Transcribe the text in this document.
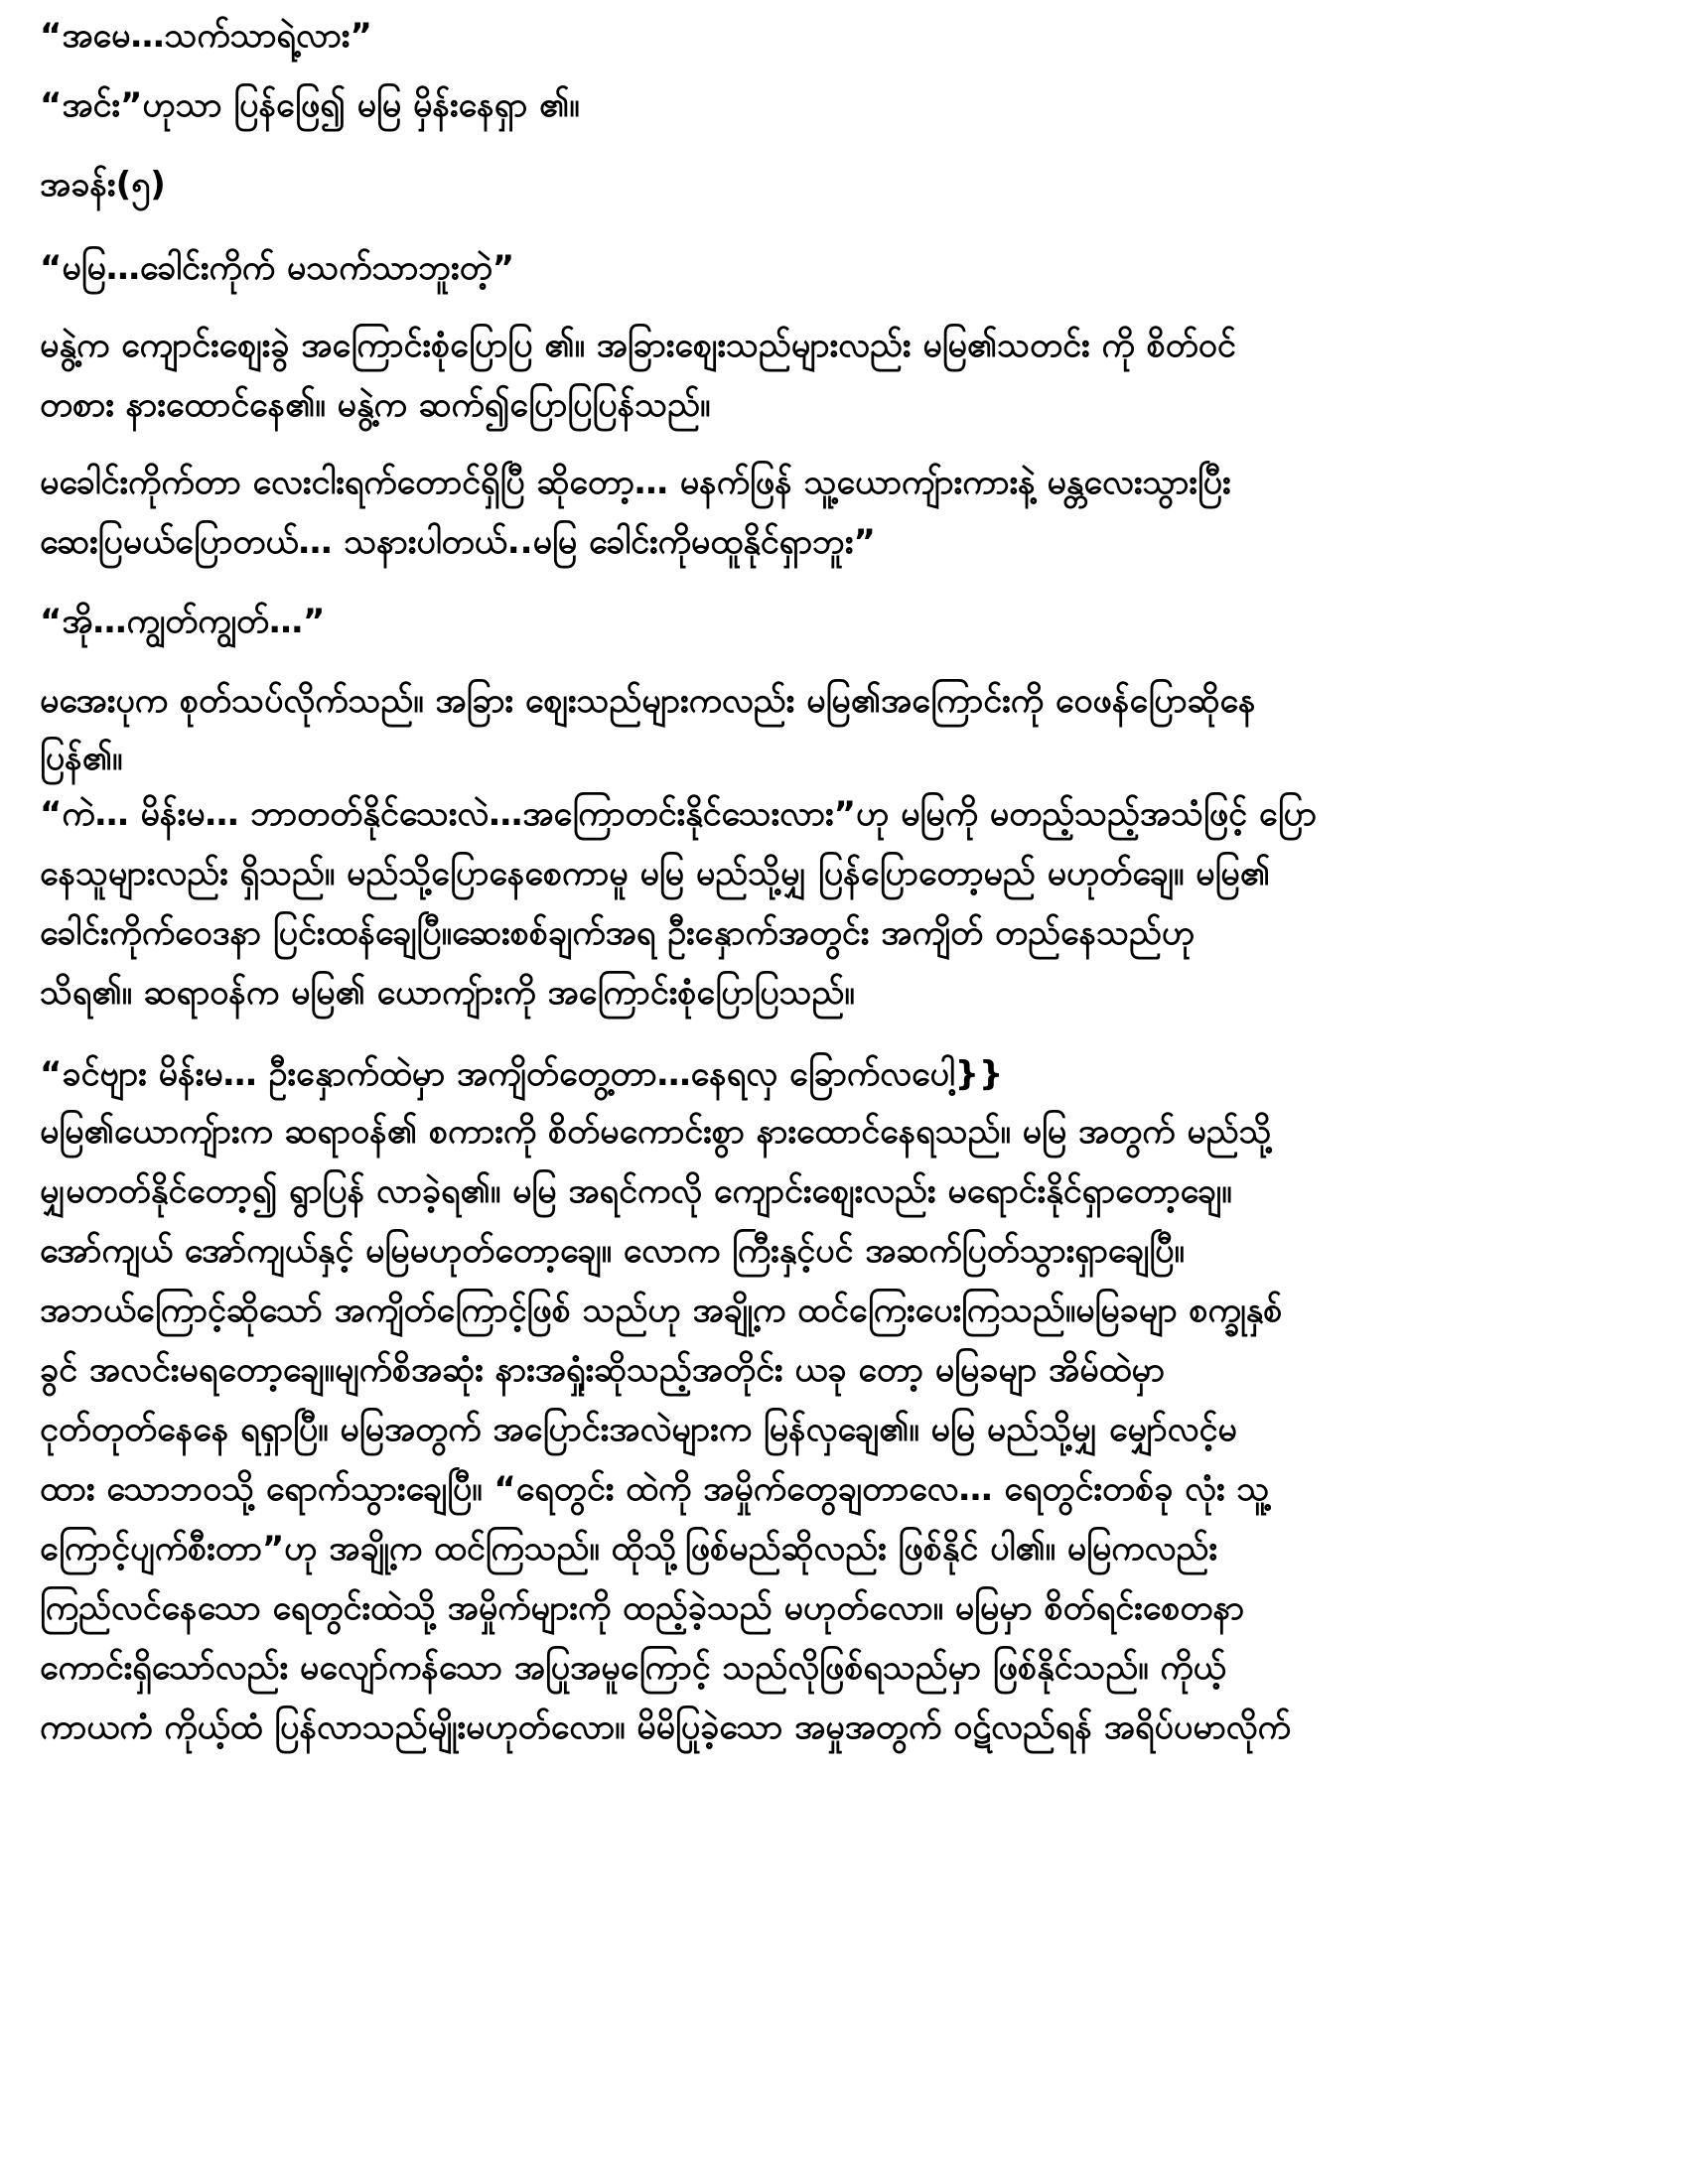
“အမေ…သက်သာရဲ့လား”
“အင်း”ဟုသာ ပြန်ဖြေ၍ မမြ မှိန်းနေရှာ ၏။
အခန်း(၅)
“မမြ…ခေါင်းကိုက် မသက်သာဘူးတဲ့”
မနွဲ့က ကျောင်းစျေးခွဲ အကြောင်းစုံပြောပြ ၏။ အခြားစျေးသည်များလည်း မမြ၏သတင်း ကို စိတ်ဝင်
တစား နားထောင်နေ၏။ မနွဲ့က ဆက်၍ပြောပြပြန်သည်။
မခေါင်းကိုက်တာ လေးငါးရက်တောင်ရှိပြီ ဆိုတော့… မနက်ဖြန် သူ့ယောကျ်ားကားနဲ့ မန္တလေးသွားပြီး
ဆေးပြမယ်ပြောတယ်… သနားပါတယ်..မမြ ခေါင်းကိုမထူနိုင်ရှာဘူး”
“အို…ကျွတ်ကျွတ်…”
မအေးပုက စုတ်သပ်လိုက်သည်။ အခြား စျေးသည်များကလည်း မမြ၏အကြောင်းကို ဝေဖန်ပြောဆိုနေ
ပြန်၏။
“ကဲ… မိန်းမ… ဘာတတ်နိုင်သေးလဲ…အကြောတင်းနိုင်သေးလား”ဟု မမြကို မတည့်သည့်အသံဖြင့် ပြော
နေသူများလည်း ရှိသည်။ မည်သို့ပြောနေစေကာမူ မမြ မည်သို့မျှ ပြန်ပြောတော့မည် မဟုတ်ချေ။ မမြ၏
ခေါင်းကိုက်ဝေဒနာ ပြင်းထန်ချေပြီ။ဆေးစစ်ချက်အရ ဦးနှောက်အတွင်း အကျိတ် တည်နေသည်ဟု
သိရ၏။ ဆရာဝန်က မမြ၏ ယောကျ်ားကို အကြောင်းစုံပြောပြသည်။
“ခင်ဗျား မိန်းမ… ဦးနှောက်ထဲမှာ အကျိတ်တွေ့တာ…နေရလှ ခြောက်လပေါ့}}
မမြ၏ယောကျ်ားက ဆရာဝန်၏ စကားကို စိတ်မကောင်းစွာ နားထောင်နေရသည်။ မမြ အတွက် မည်သို့
မျှမတတ်နိုင်တော့၍ ရွာပြန် လာခဲ့ရ၏။ မမြ အရင်ကလို ကျောင်းစျေးလည်း မရောင်းနိုင်ရှာတော့ချေ။
အော်ကျယ် အော်ကျယ်နှင့် မမြမဟုတ်တော့ချေ။ လောက ကြီးနှင့်ပင် အဆက်ပြတ်သွားရှာချေပြီ။
အဘယ်ကြောင့်ဆိုသော် အကျိတ်ကြောင့်ဖြစ် သည်ဟု အချို့က ထင်ကြေးပေးကြသည်။မမြခမျာ စက္ခုနှစ်
ခွင် အလင်းမရတော့ချေ။မျက်စိအဆုံး နားအရှုံးဆိုသည့်အတိုင်း ယခု တော့ မမြခမျာ အိမ်ထဲမှာ
ငုတ်တုတ်နေနေ ရရှာပြီ။ မမြအတွက် အပြောင်းအလဲများက မြန်လှချေ၏။ မမြ မည်သို့မျှ မျှော်လင့်မ
ထား သောဘဝသို့ ရောက်သွားချေပြီ။ “ရေတွင်း ထဲကို အမှိုက်တွေချတာလေ… ရေတွင်းတစ်ခု လုံး သူ့
ကြောင့်ပျက်စီးတာ”ဟု အချို့က ထင်ကြသည်။ ထိုသို့ဖြစ်မည်ဆိုလည်း ဖြစ်နိုင် ပါ၏။ မမြကလည်း
ကြည်လင်နေသော ရေတွင်းထဲသို့ အမှိုက်များကို ထည့်ခဲ့သည် မဟုတ်လော။ မမြမှာ စိတ်ရင်းစေတနာ
ကောင်းရှိသော်လည်း မလျော်ကန်သော အပြုအမူကြောင့် သည်လိုဖြစ်ရသည်မှာ ဖြစ်နိုင်သည်။ ကိုယ့်
ကာယကံ ကိုယ့်ထံ ပြန်လာသည်မျိုးမဟုတ်လော။ မိမိပြုခဲ့သော အမှုအတွက် ဝဋ်လည်ရန် အရိပ်ပမာလိုက်
